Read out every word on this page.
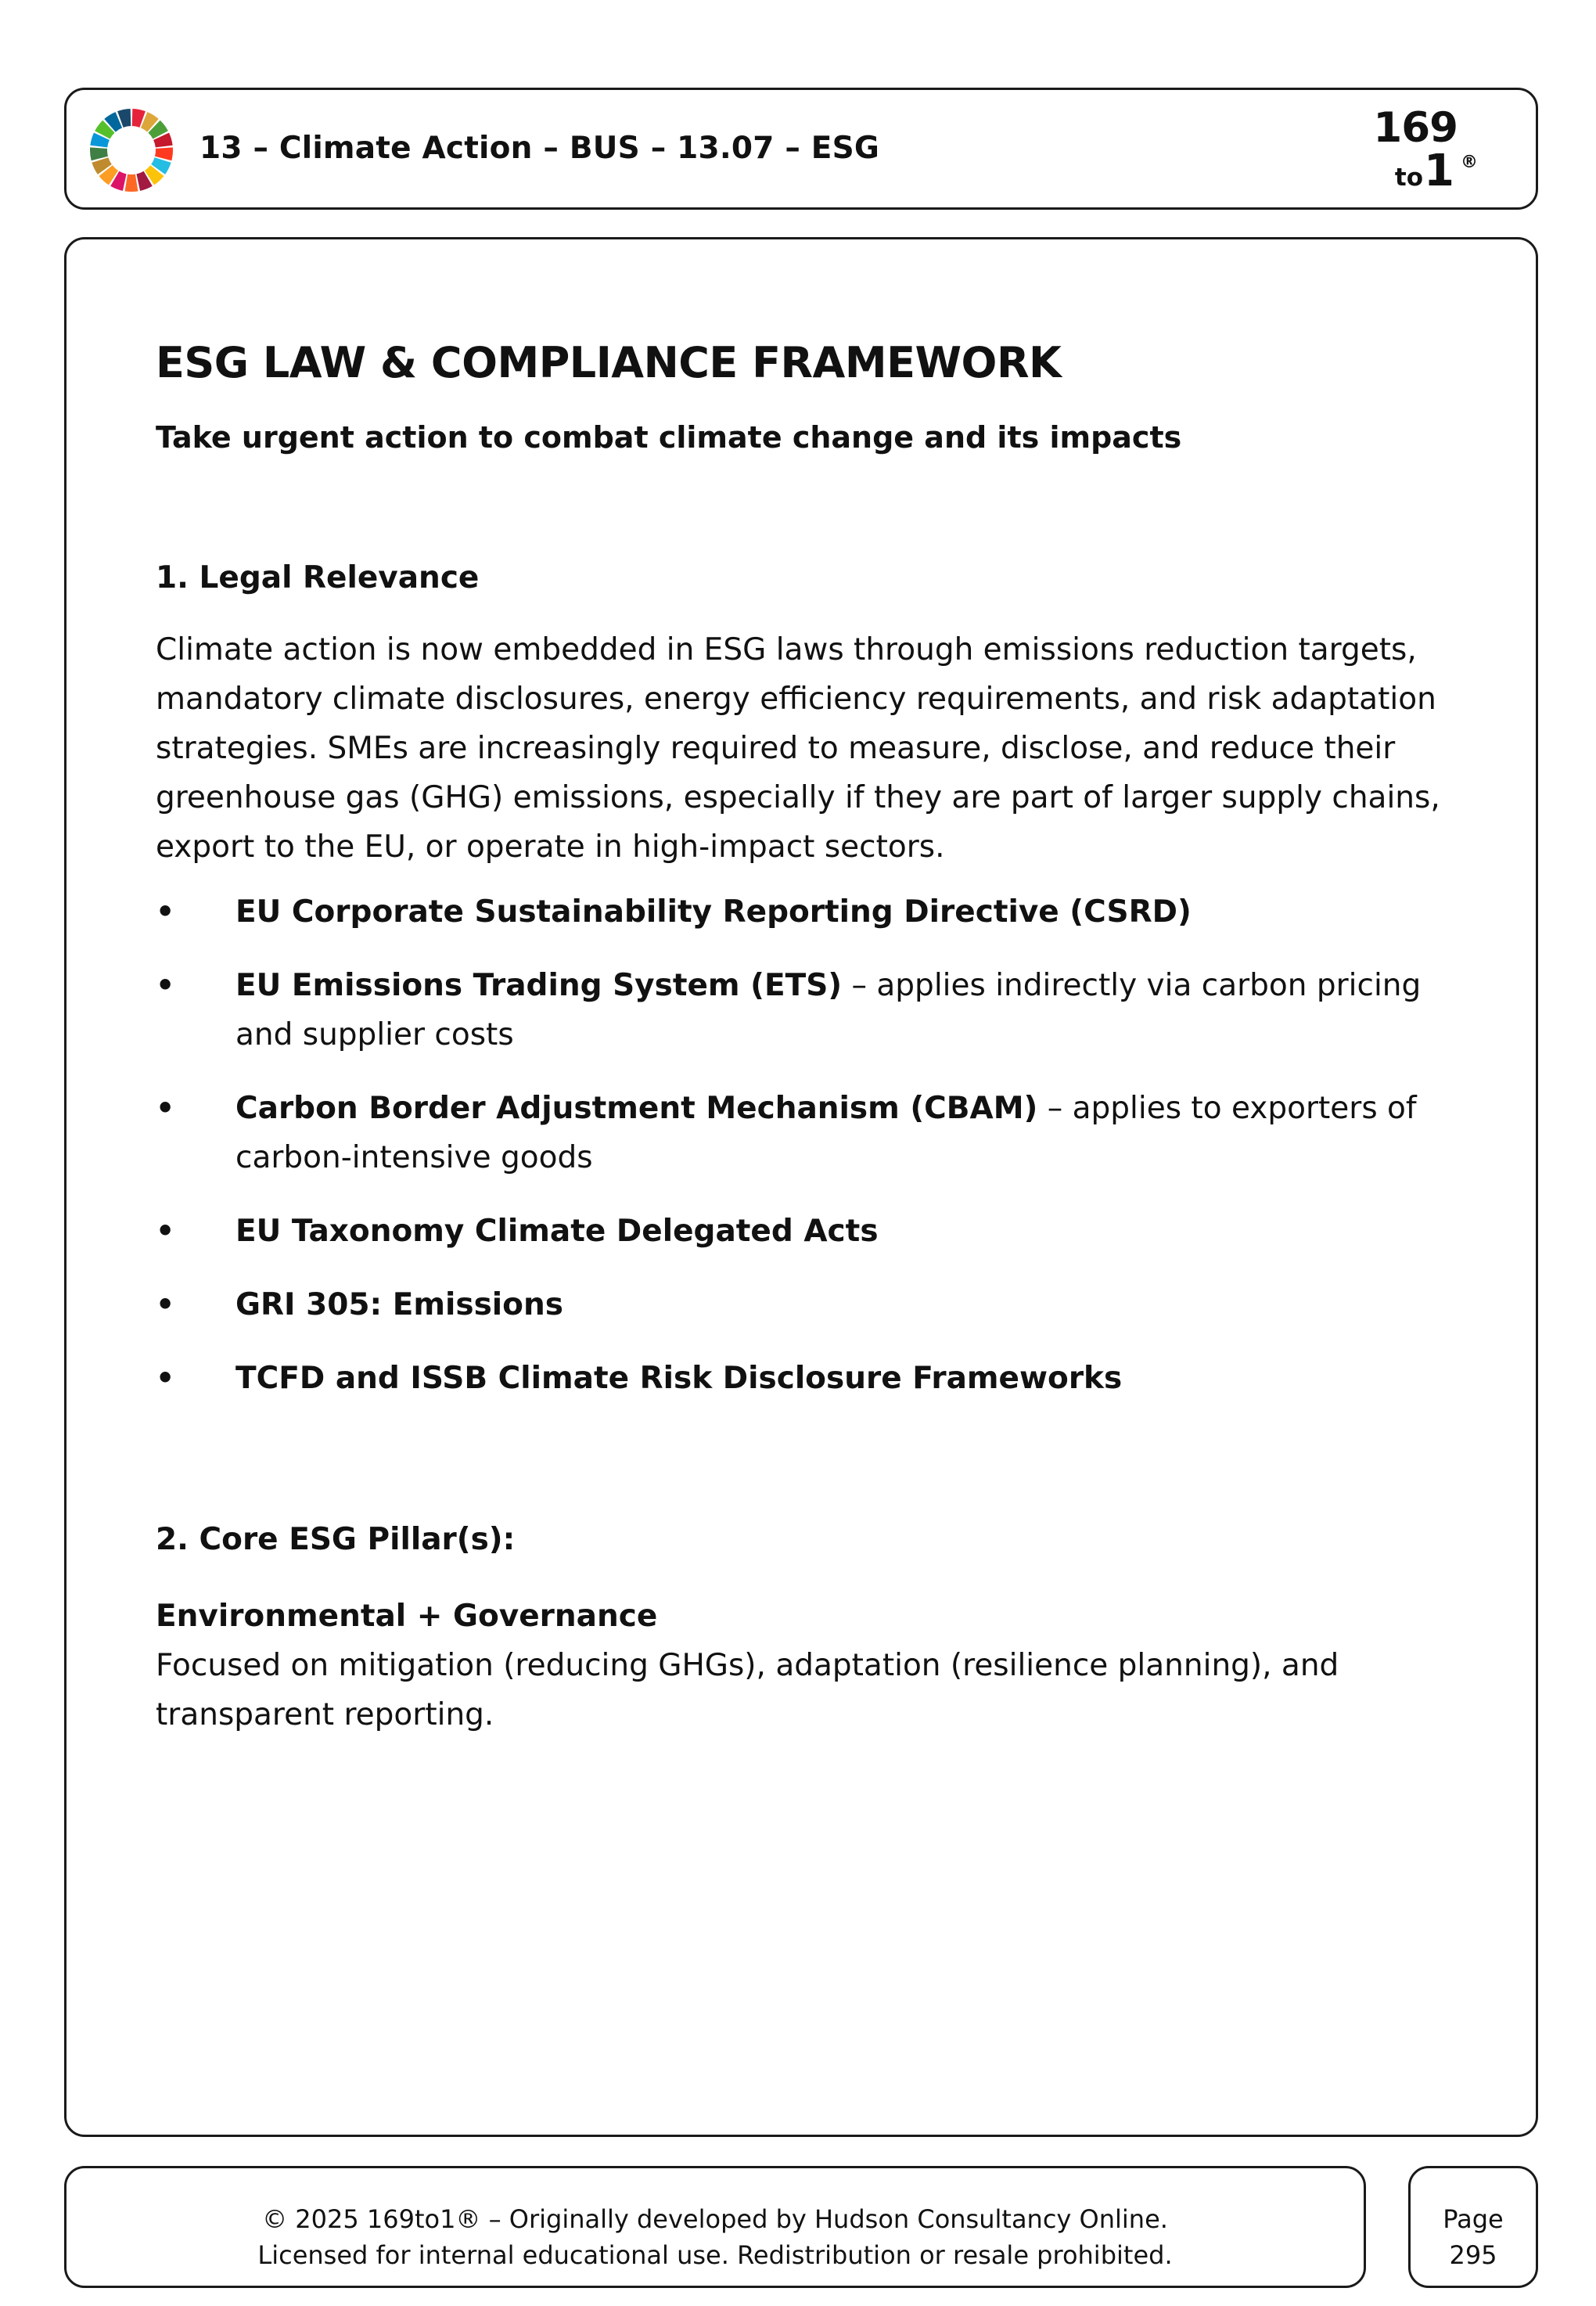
13 – Climate Action – BUS – 13.07 – ESG	169
to 1 ®
ESG LAW & COMPLIANCE FRAMEWORK

Take urgent action to combat climate change and its impacts

1. Legal Relevance

Climate action is now embedded in ESG laws through emissions reduction targets, mandatory climate disclosures, energy efficiency requirements, and risk adaptation strategies. SMEs are increasingly required to measure, disclose, and reduce their greenhouse gas (GHG) emissions, especially if they are part of larger supply chains, export to the EU, or operate in high-impact sectors.

• EU Corporate Sustainability Reporting Directive (CSRD)
• EU Emissions Trading System (ETS) – applies indirectly via carbon pricing and supplier costs
• Carbon Border Adjustment Mechanism (CBAM) – applies to exporters of carbon-intensive goods
• EU Taxonomy Climate Delegated Acts
• GRI 305: Emissions
• TCFD and ISSB Climate Risk Disclosure Frameworks

2. Core ESG Pillar(s):

Environmental + Governance

Focused on mitigation (reducing GHGs), adaptation (resilience planning), and transparent reporting.

© 2025 169to1® – Originally developed by Hudson Consultancy Online.
Licensed for internal educational use. Redistribution or resale prohibited.
Page
295
